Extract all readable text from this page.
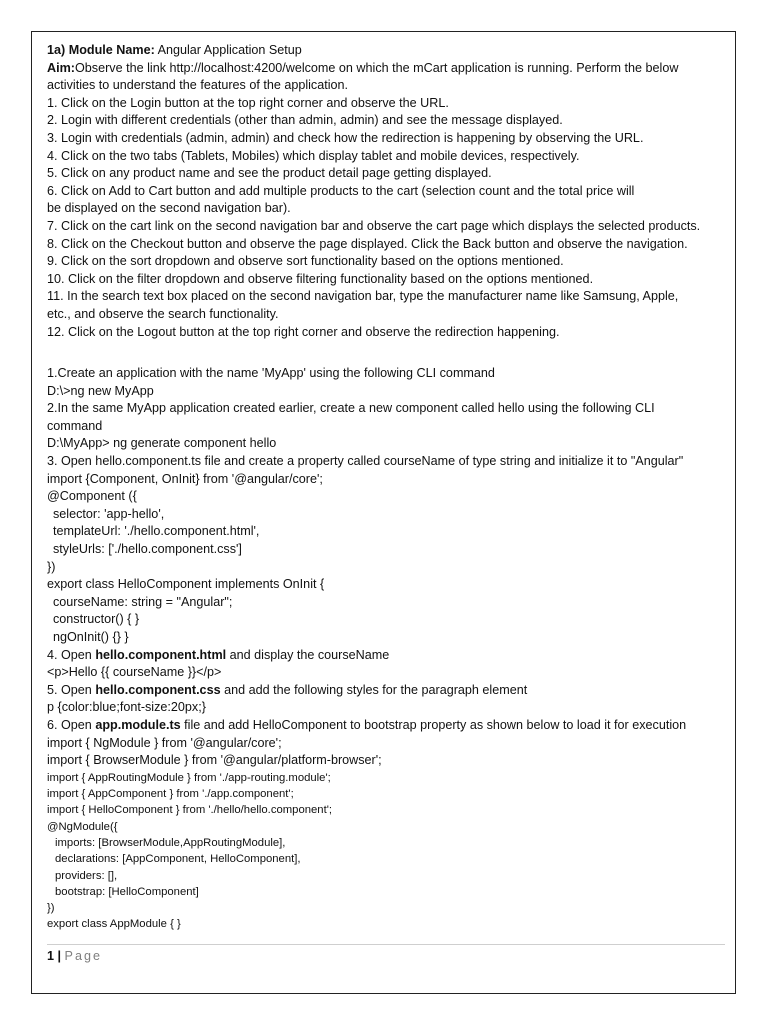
1a) Module Name: Angular Application Setup
Aim:Observe the link http://localhost:4200/welcome on which the mCart application is running. Perform the below activities to understand the features of the application.
1. Click on the Login button at the top right corner and observe the URL.
2. Login with different credentials (other than admin, admin) and see the message displayed.
3. Login with credentials (admin, admin) and check how the redirection is happening by observing the URL.
4. Click on the two tabs (Tablets, Mobiles) which display tablet and mobile devices, respectively.
5. Click on any product name and see the product detail page getting displayed.
6. Click on Add to Cart button and add multiple products to the cart (selection count and the total price will
be displayed on the second navigation bar).
7. Click on the cart link on the second navigation bar and observe the cart page which displays the selected products.
8. Click on the Checkout button and observe the page displayed. Click the Back button and observe the navigation.
9. Click on the sort dropdown and observe sort functionality based on the options mentioned.
10. Click on the filter dropdown and observe filtering functionality based on the options mentioned.
11. In the search text box placed on the second navigation bar, type the manufacturer name like Samsung, Apple,
etc., and observe the search functionality.
12. Click on the Logout button at the top right corner and observe the redirection happening.
1.Create an application with the name 'MyApp' using the following CLI command
D:\>ng new MyApp
2.In the same MyApp application created earlier, create a new component called hello using the following CLI
command
D:\MyApp> ng generate component hello
3. Open hello.component.ts file and create a property called courseName of type string and initialize it to "Angular"
import {Component, OnInit} from '@angular/core';
@Component ({
selector: 'app-hello',
templateUrl: './hello.component.html',
styleUrls: ['./hello.component.css']
})
export class HelloComponent implements OnInit {
courseName: string = "Angular";
constructor() { }
ngOnInit() {} }
4. Open hello.component.html and display the courseName
<p>Hello {{ courseName }}</p>
5. Open hello.component.css and add the following styles for the paragraph element
p {color:blue;font-size:20px;}
6. Open app.module.ts file and add HelloComponent to bootstrap property as shown below to load it for execution
import { NgModule } from '@angular/core';
import { BrowserModule } from '@angular/platform-browser';
import { AppRoutingModule } from './app-routing.module';
import { AppComponent } from './app.component';
import { HelloComponent } from './hello/hello.component';
@NgModule({
imports: [BrowserModule,AppRoutingModule],
declarations: [AppComponent, HelloComponent],
providers: [],
bootstrap: [HelloComponent]
})
export class AppModule { }
1 | Page
